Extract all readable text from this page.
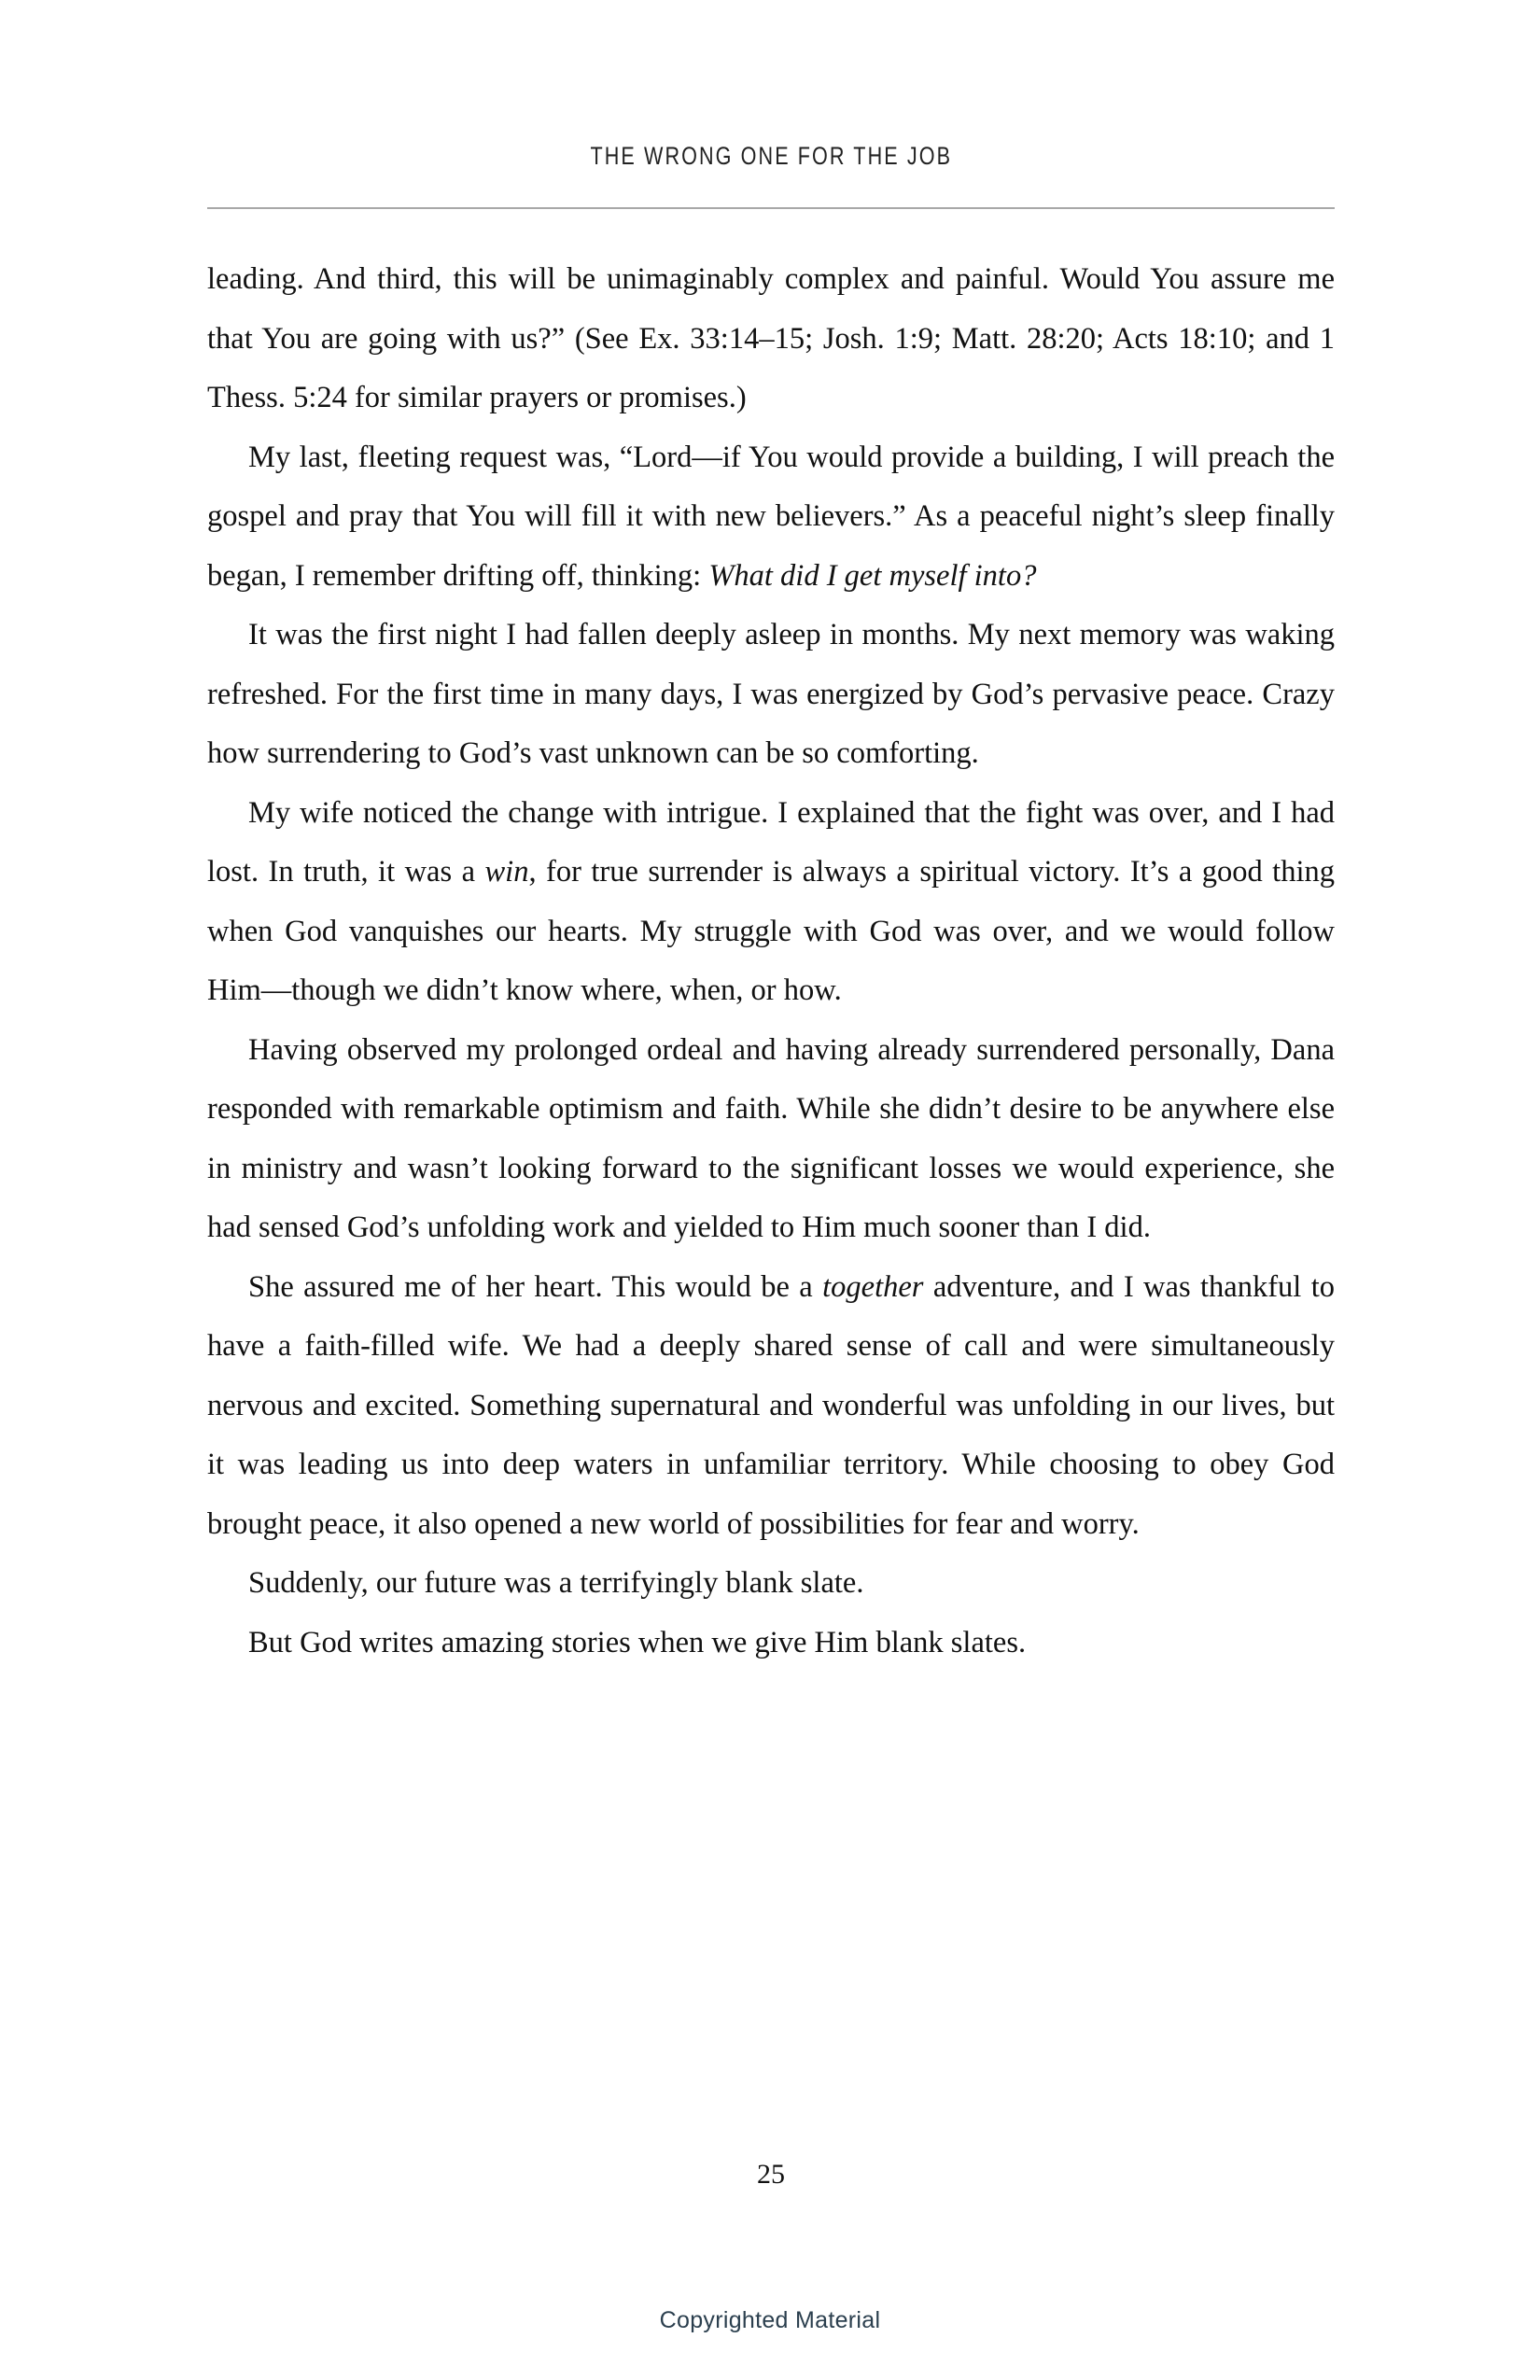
THE WRONG ONE FOR THE JOB

leading. And third, this will be unimaginably complex and painful. Would You assure me that You are going with us?” (See Ex. 33:14–15; Josh. 1:9; Matt. 28:20; Acts 18:10; and 1 Thess. 5:24 for similar prayers or promises.)

My last, fleeting request was, “Lord—if You would provide a building, I will preach the gospel and pray that You will fill it with new believers.” As a peaceful night’s sleep finally began, I remember drifting off, thinking: What did I get myself into?

It was the first night I had fallen deeply asleep in months. My next memory was waking refreshed. For the first time in many days, I was energized by God’s pervasive peace. Crazy how surrendering to God’s vast unknown can be so comforting.

My wife noticed the change with intrigue. I explained that the fight was over, and I had lost. In truth, it was a win, for true surrender is always a spiritual victory. It’s a good thing when God vanquishes our hearts. My struggle with God was over, and we would follow Him—though we didn’t know where, when, or how.

Having observed my prolonged ordeal and having already surrendered personally, Dana responded with remarkable optimism and faith. While she didn’t desire to be anywhere else in ministry and wasn’t looking forward to the significant losses we would experience, she had sensed God’s unfolding work and yielded to Him much sooner than I did.

She assured me of her heart. This would be a together adventure, and I was thankful to have a faith-filled wife. We had a deeply shared sense of call and were simultaneously nervous and excited. Something supernatural and wonderful was unfolding in our lives, but it was leading us into deep waters in unfamiliar territory. While choosing to obey God brought peace, it also opened a new world of possibilities for fear and worry.

Suddenly, our future was a terrifyingly blank slate.

But God writes amazing stories when we give Him blank slates.

25
Copyrighted Material
